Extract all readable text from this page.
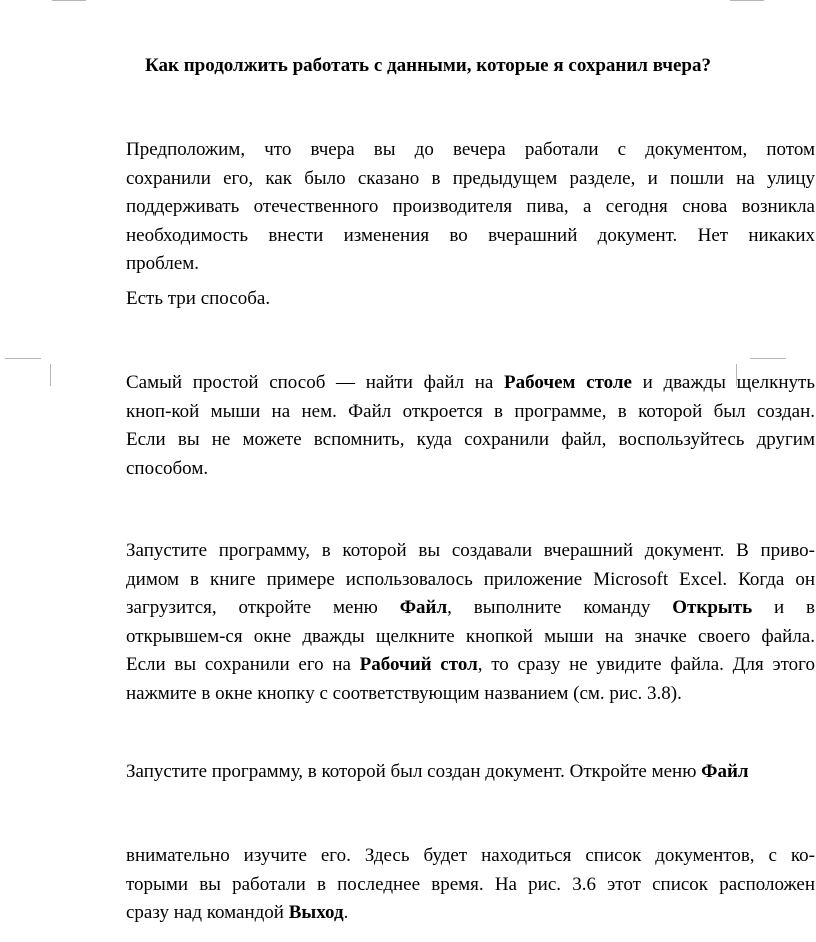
Как продолжить работать с данными, которые я сохранил вчера?
Предположим, что вчера вы до вечера работали с документом, потом
сохранили его, как было сказано в предыдущем разделе, и пошли на улицу
поддерживать отечественного производителя пива, а сегодня снова возникла
необходимость внести изменения во вчерашний документ. Нет никаких
проблем.
Есть три способа.
Самый простой способ — найти файл на Рабочем столе и дважды щелкнуть
кноп-кой мыши на нем. Файл откроется в программе, в которой был создан.
Если вы не можете вспомнить, куда сохранили файл, воспользуйтесь другим
способом.
Запустите программу, в которой вы создавали вчерашний документ. В приво-
димом в книге примере использовалось приложение Microsoft Excel. Когда он
загрузится, откройте меню Файл, выполните команду Открыть и в
открывшем-ся окне дважды щелкните кнопкой мыши на значке своего файла.
Если вы сохранили его на Рабочий стол, то сразу не увидите файла. Для этого
нажмите в окне кнопку с соответствующим названием (см. рис. 3.8).
Запустите программу, в которой был создан документ. Откройте меню Файл
внимательно изучите его. Здесь будет находиться список документов, с ко-
торыми вы работали в последнее время. На рис. 3.6 этот список расположен
сразу над командой Выход.
